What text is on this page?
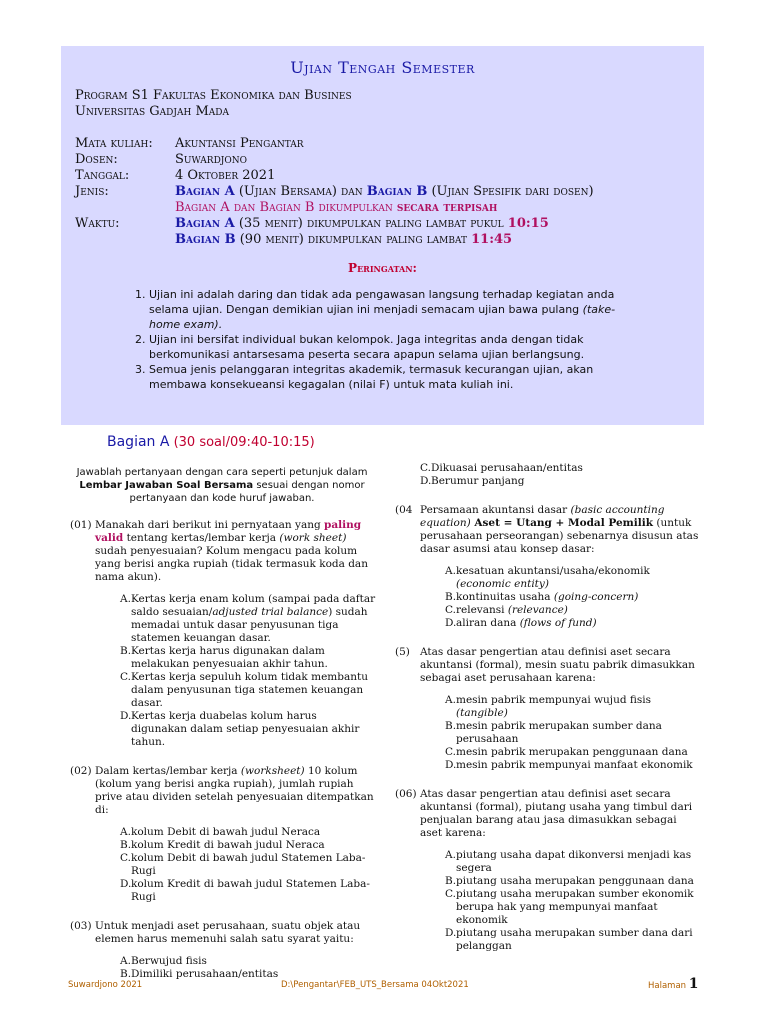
Ujian Tengah Semester
Program S1 Fakultas Ekonomika dan Busines
Universitas Gadjah Mada
Mata kuliah: Akuntansi Pengantar
Dosen:	Suwardjono
Tanggal:	4 Oktober 2021
Jenis:	Bagian A (Ujian Bersama) dan Bagian B (Ujian Spesifik dari dosen)
Bagian A dan Bagian B dikumpulkan secara terpisah
Waktu:	Bagian A (35 menit) dikumpulkan paling lambat pukul 10:15
Bagian B (90 menit) dikumpulkan paling lambat 11:45
Peringatan:
1. Ujian ini adalah daring dan tidak ada pengawasan langsung terhadap kegiatan anda selama ujian. Dengan demikian ujian ini menjadi semacam ujian bawa pulang (take-home exam).
2. Ujian ini bersifat individual bukan kelompok. Jaga integritas anda dengan tidak berkomunikasi antarsesama peserta secara apapun selama ujian berlangsung.
3. Semua jenis pelanggaran integritas akademik, termasuk kecurangan ujian, akan membawa konsekueansi kegagalan (nilai F) untuk mata kuliah ini.
Bagian A (30 soal/09:40-10:15)
Jawablah pertanyaan dengan cara seperti petunjuk dalam Lembar Jawaban Soal Bersama sesuai dengan nomor pertanyaan dan kode huruf jawaban.
(01) Manakah dari berikut ini pernyataan yang paling valid tentang kertas/lembar kerja (work sheet) sudah penyesuaian? Kolum mengacu pada kolum yang berisi angka rupiah (tidak termasuk koda dan nama akun).
A. Kertas kerja enam kolum (sampai pada daftar saldo sesuaian/adjusted trial balance) sudah memadai untuk dasar penyusunan tiga statemen keuangan dasar.
B. Kertas kerja harus digunakan dalam melakukan penyesuaian akhir tahun.
C. Kertas kerja sepuluh kolum tidak membantu dalam penyusunan tiga statemen keuangan dasar.
D. Kertas kerja duabelas kolum harus digunakan dalam setiap penyesuaian akhir tahun.
(02) Dalam kertas/lembar kerja (worksheet) 10 kolum (kolum yang berisi angka rupiah), jumlah rupiah prive atau dividen setelah penyesuaian ditempatkan di:
A. kolum Debit di bawah judul Neraca
B. kolum Kredit di bawah judul Neraca
C. kolum Debit di bawah judul Statemen Laba-Rugi
D. kolum Kredit di bawah judul Statemen Laba-Rugi
(03) Untuk menjadi aset perusahaan, suatu objek atau elemen harus memenuhi salah satu syarat yaitu:
A. Berwujud fisis
B. Dimiliki perusahaan/entitas
C. Dikuasai perusahaan/entitas
D. Berumur panjang
(04 Persamaan akuntansi dasar (basic accounting equation) Aset = Utang + Modal Pemilik (untuk perusahaan perseorangan) sebenarnya disusun atas dasar asumsi atau konsep dasar:
A. kesatuan akuntansi/usaha/ekonomik (economic entity)
B. kontinuitas usaha (going-concern)
C. relevansi (relevance)
D. aliran dana (flows of fund)
(5) Atas dasar pengertian atau definisi aset secara akuntansi (formal), mesin suatu pabrik dimasukkan sebagai aset perusahaan karena:
A. mesin pabrik mempunyai wujud fisis (tangible)
B. mesin pabrik merupakan sumber dana perusahaan
C. mesin pabrik merupakan penggunaan dana
D. mesin pabrik mempunyai manfaat ekonomik
(06) Atas dasar pengertian atau definisi aset secara akuntansi (formal), piutang usaha yang timbul dari penjualan barang atau jasa dimasukkan sebagai aset karena:
A. piutang usaha dapat dikonversi menjadi kas segera
B. piutang usaha merupakan penggunaan dana
C. piutang usaha merupakan sumber ekonomik berupa hak yang mempunyai manfaat ekonomik
D. piutang usaha merupakan sumber dana dari pelanggan
Suwardjono 2021	D:\Pengantar\FEB_UTS_Bersama 04Okt2021	Halaman 1
